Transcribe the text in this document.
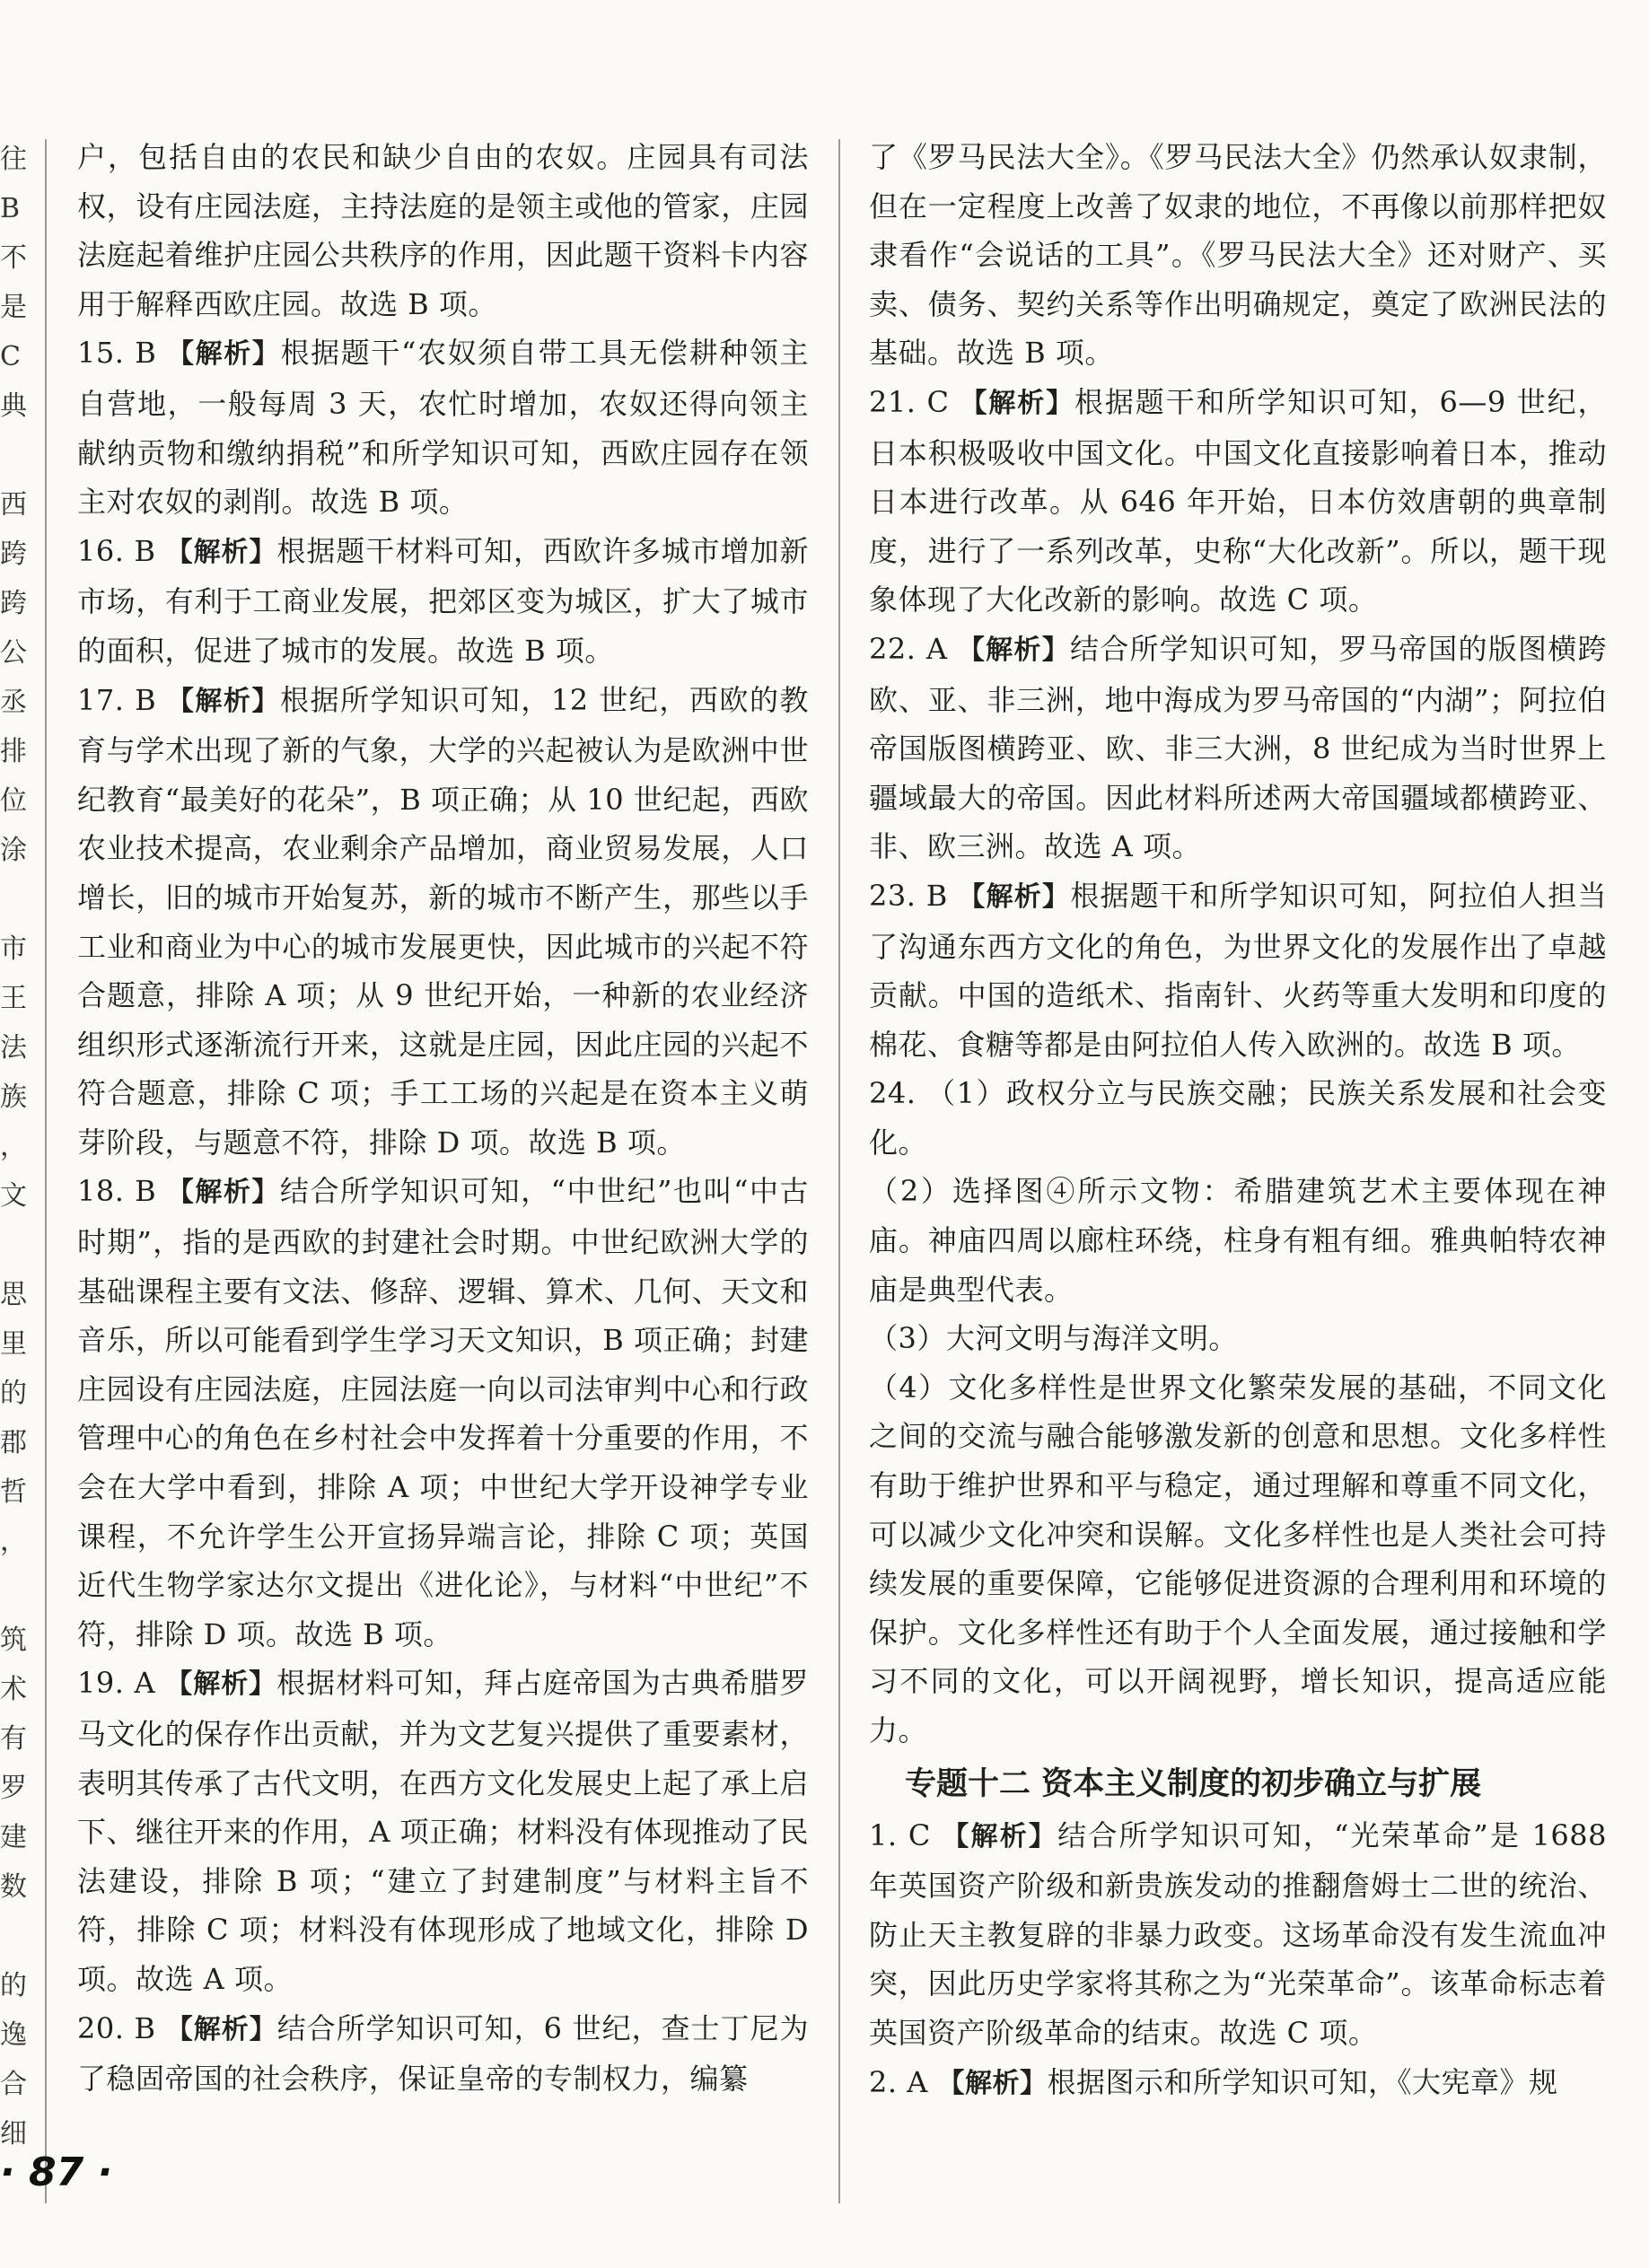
往
B
不
是
C
典

西
跨
跨
公
丞
排
位
涂

市
王
法
族
，
文

思
里
的
郡
哲
，

筑
术
有
罗
建
数

的
逸
合
细

户，包括自由的农民和缺少自由的农奴。庄园具有司法权，设有庄园法庭，主持法庭的是领主或他的管家，庄园法庭起着维护庄园公共秩序的作用，因此题干资料卡内容用于解释西欧庄园。故选 B 项。

15. B 【解析】根据题干“农奴须自带工具无偿耕种领主自营地，一般每周 3 天，农忙时增加，农奴还得向领主献纳贡物和缴纳捐税”和所学知识可知，西欧庄园存在领主对农奴的剥削。故选 B 项。

16. B 【解析】根据题干材料可知，西欧许多城市增加新市场，有利于工商业发展，把郊区变为城区，扩大了城市的面积，促进了城市的发展。故选 B 项。

17. B 【解析】根据所学知识可知，12 世纪，西欧的教育与学术出现了新的气象，大学的兴起被认为是欧洲中世纪教育“最美好的花朵”，B 项正确；从 10 世纪起，西欧农业技术提高，农业剩余产品增加，商业贸易发展，人口增长，旧的城市开始复苏，新的城市不断产生，那些以手工业和商业为中心的城市发展更快，因此城市的兴起不符合题意，排除 A 项；从 9 世纪开始，一种新的农业经济组织形式逐渐流行开来，这就是庄园，因此庄园的兴起不符合题意，排除 C 项；手工工场的兴起是在资本主义萌芽阶段，与题意不符，排除 D 项。故选 B 项。

18. B 【解析】结合所学知识可知，“中世纪”也叫“中古时期”，指的是西欧的封建社会时期。中世纪欧洲大学的基础课程主要有文法、修辞、逻辑、算术、几何、天文和音乐，所以可能看到学生学习天文知识，B 项正确；封建庄园设有庄园法庭，庄园法庭一向以司法审判中心和行政管理中心的角色在乡村社会中发挥着十分重要的作用，不会在大学中看到，排除 A 项；中世纪大学开设神学专业课程，不允许学生公开宣扬异端言论，排除 C 项；英国近代生物学家达尔文提出《进化论》，与材料“中世纪”不符，排除 D 项。故选 B 项。

19. A 【解析】根据材料可知，拜占庭帝国为古典希腊罗马文化的保存作出贡献，并为文艺复兴提供了重要素材，表明其传承了古代文明，在西方文化发展史上起了承上启下、继往开来的作用，A 项正确；材料没有体现推动了民法建设，排除 B 项；“建立了封建制度”与材料主旨不符，排除 C 项；材料没有体现形成了地域文化，排除 D 项。故选 A 项。

20. B 【解析】结合所学知识可知，6 世纪，查士丁尼为了稳固帝国的社会秩序，保证皇帝的专制权力，编纂

了《罗马民法大全》。《罗马民法大全》仍然承认奴隶制，但在一定程度上改善了奴隶的地位，不再像以前那样把奴隶看作“会说话的工具”。《罗马民法大全》还对财产、买卖、债务、契约关系等作出明确规定，奠定了欧洲民法的基础。故选 B 项。

21. C 【解析】根据题干和所学知识可知，6—9 世纪，日本积极吸收中国文化。中国文化直接影响着日本，推动日本进行改革。从 646 年开始，日本仿效唐朝的典章制度，进行了一系列改革，史称“大化改新”。所以，题干现象体现了大化改新的影响。故选 C 项。

22. A 【解析】结合所学知识可知，罗马帝国的版图横跨欧、亚、非三洲，地中海成为罗马帝国的“内湖”；阿拉伯帝国版图横跨亚、欧、非三大洲，8 世纪成为当时世界上疆域最大的帝国。因此材料所述两大帝国疆域都横跨亚、非、欧三洲。故选 A 项。

23. B 【解析】根据题干和所学知识可知，阿拉伯人担当了沟通东西方文化的角色，为世界文化的发展作出了卓越贡献。中国的造纸术、指南针、火药等重大发明和印度的棉花、食糖等都是由阿拉伯人传入欧洲的。故选 B 项。

24. （1）政权分立与民族交融；民族关系发展和社会变化。

（2）选择图④所示文物：希腊建筑艺术主要体现在神庙。神庙四周以廊柱环绕，柱身有粗有细。雅典帕特农神庙是典型代表。

（3）大河文明与海洋文明。

（4）文化多样性是世界文化繁荣发展的基础，不同文化之间的交流与融合能够激发新的创意和思想。文化多样性有助于维护世界和平与稳定，通过理解和尊重不同文化，可以减少文化冲突和误解。文化多样性也是人类社会可持续发展的重要保障，它能够促进资源的合理利用和环境的保护。文化多样性还有助于个人全面发展，通过接触和学习不同的文化，可以开阔视野，增长知识，提高适应能力。

专题十二 资本主义制度的初步确立与扩展

1. C 【解析】结合所学知识可知，“光荣革命”是 1688 年英国资产阶级和新贵族发动的推翻詹姆士二世的统治、防止天主教复辟的非暴力政变。这场革命没有发生流血冲突，因此历史学家将其称之为“光荣革命”。该革命标志着英国资产阶级革命的结束。故选 C 项。

2. A 【解析】根据图示和所学知识可知，《大宪章》规

· 87 ·
